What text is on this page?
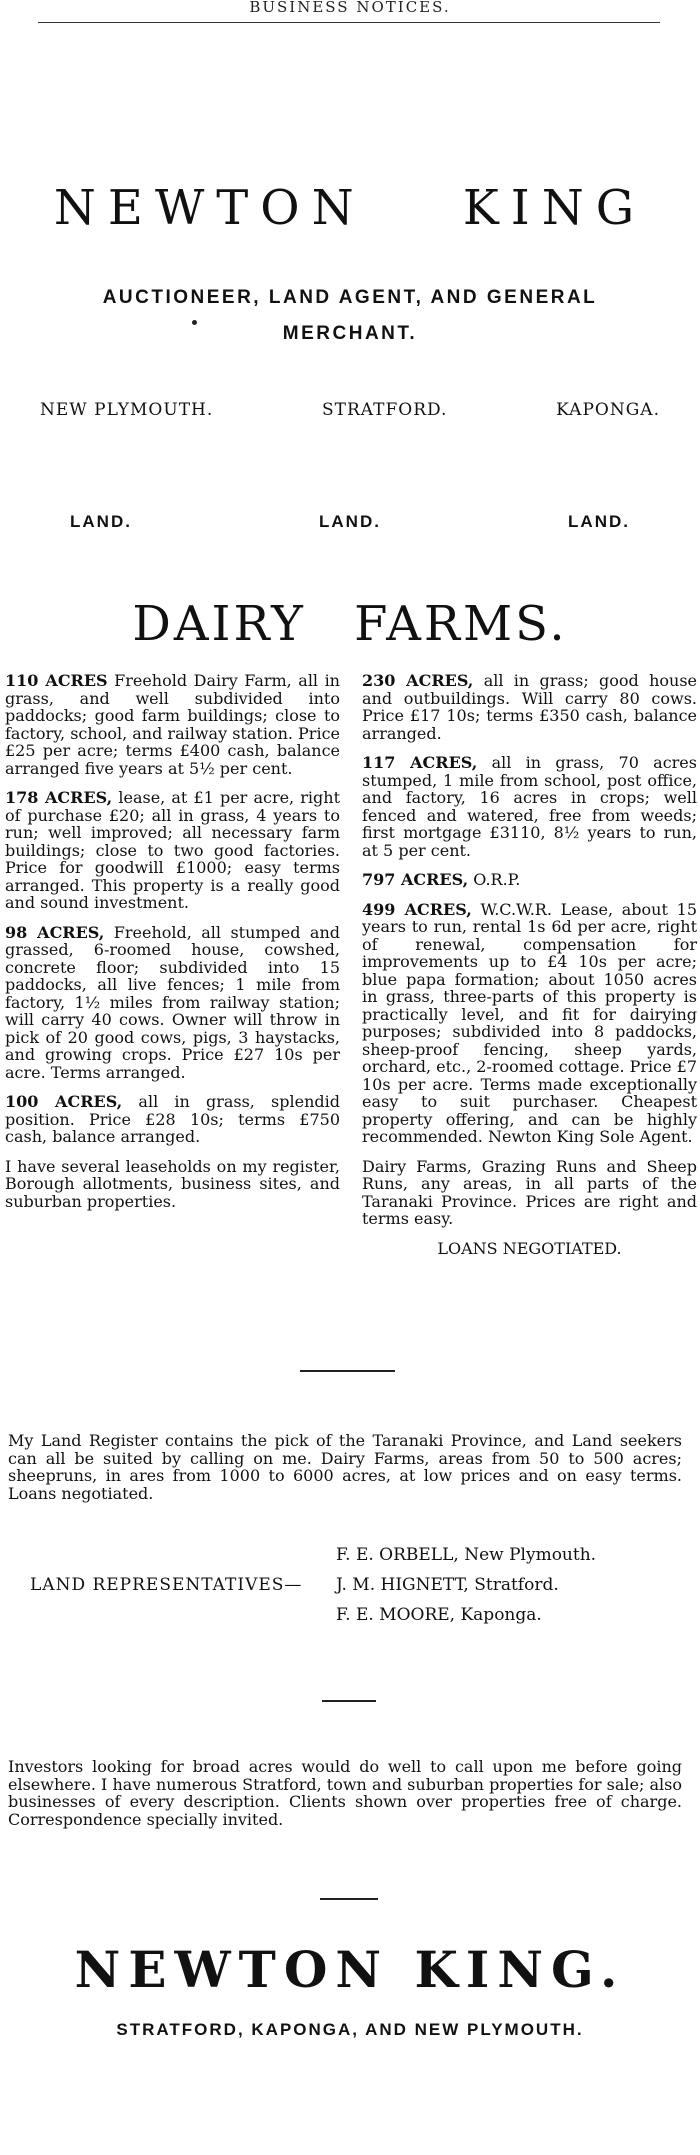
BUSINESS NOTICES.
NEWTON KING
AUCTIONEER, LAND AGENT, AND GENERAL
MERCHANT.
NEW PLYMOUTH.	STRATFORD.	KAPONGA.
LAND.	LAND.	LAND.
DAIRY FARMS.

110 ACRES Freehold Dairy Farm, all in grass, and well subdivided into paddocks; good farm buildings; close to factory, school, and railway station. Price £25 per acre; terms £400 cash, balance arranged five years at 5½ per cent.

178 ACRES, lease, at £1 per acre, right of purchase £20; all in grass, 4 years to run; well improved; all necessary farm buildings; close to two good factories. Price for goodwill £1000; easy terms arranged. This property is a really good and sound investment.

98 ACRES, Freehold, all stumped and grassed, 6-roomed house, cowshed, concrete floor; subdivided into 15 paddocks, all live fences; 1 mile from factory, 1½ miles from railway station; will carry 40 cows. Owner will throw in pick of 20 good cows, pigs, 3 haystacks, and growing crops. Price £27 10s per acre. Terms arranged.

100 ACRES, all in grass, splendid position. Price £28 10s; terms £750 cash, balance arranged.

I have several leaseholds on my register, Borough allotments, business sites, and suburban properties.

230 ACRES, all in grass; good house and outbuildings. Will carry 80 cows. Price £17 10s; terms £350 cash, balance arranged.

117 ACRES, all in grass, 70 acres stumped, 1 mile from school, post office, and factory, 16 acres in crops; well fenced and watered, free from weeds; first mortgage £3110, 8½ years to run, at 5 per cent.

797 ACRES, O.R.P.

499 ACRES, W.C.W.R. Lease, about 15 years to run, rental 1s 6d per acre, right of renewal, compensation for improvements up to £4 10s per acre; blue papa formation; about 1050 acres in grass, three-parts of this property is practically level, and fit for dairying purposes; subdivided into 8 paddocks, sheep-proof fencing, sheep yards, orchard, etc., 2-roomed cottage. Price £7 10s per acre. Terms made exceptionally easy to suit purchaser. Cheapest property offering, and can be highly recommended. Newton King Sole Agent.

Dairy Farms, Grazing Runs and Sheep Runs, any areas, in all parts of the Taranaki Province. Prices are right and terms easy.

LOANS NEGOTIATED.

My Land Register contains the pick of the Taranaki Province, and Land seekers can all be suited by calling on me. Dairy Farms, areas from 50 to 500 acres; sheepruns, in ares from 1000 to 6000 acres, at low prices and on easy terms. Loans negotiated.

F. E. ORBELL, New Plymouth.
LAND REPRESENTATIVES— J. M. HIGNETT, Stratford.
F. E. MOORE, Kaponga.

Investors looking for broad acres would do well to call upon me before going elsewhere. I have numerous Stratford, town and suburban properties for sale; also businesses of every description. Clients shown over properties free of charge. Correspondence specially invited.

NEWTON KING.
STRATFORD, KAPONGA, AND NEW PLYMOUTH.
